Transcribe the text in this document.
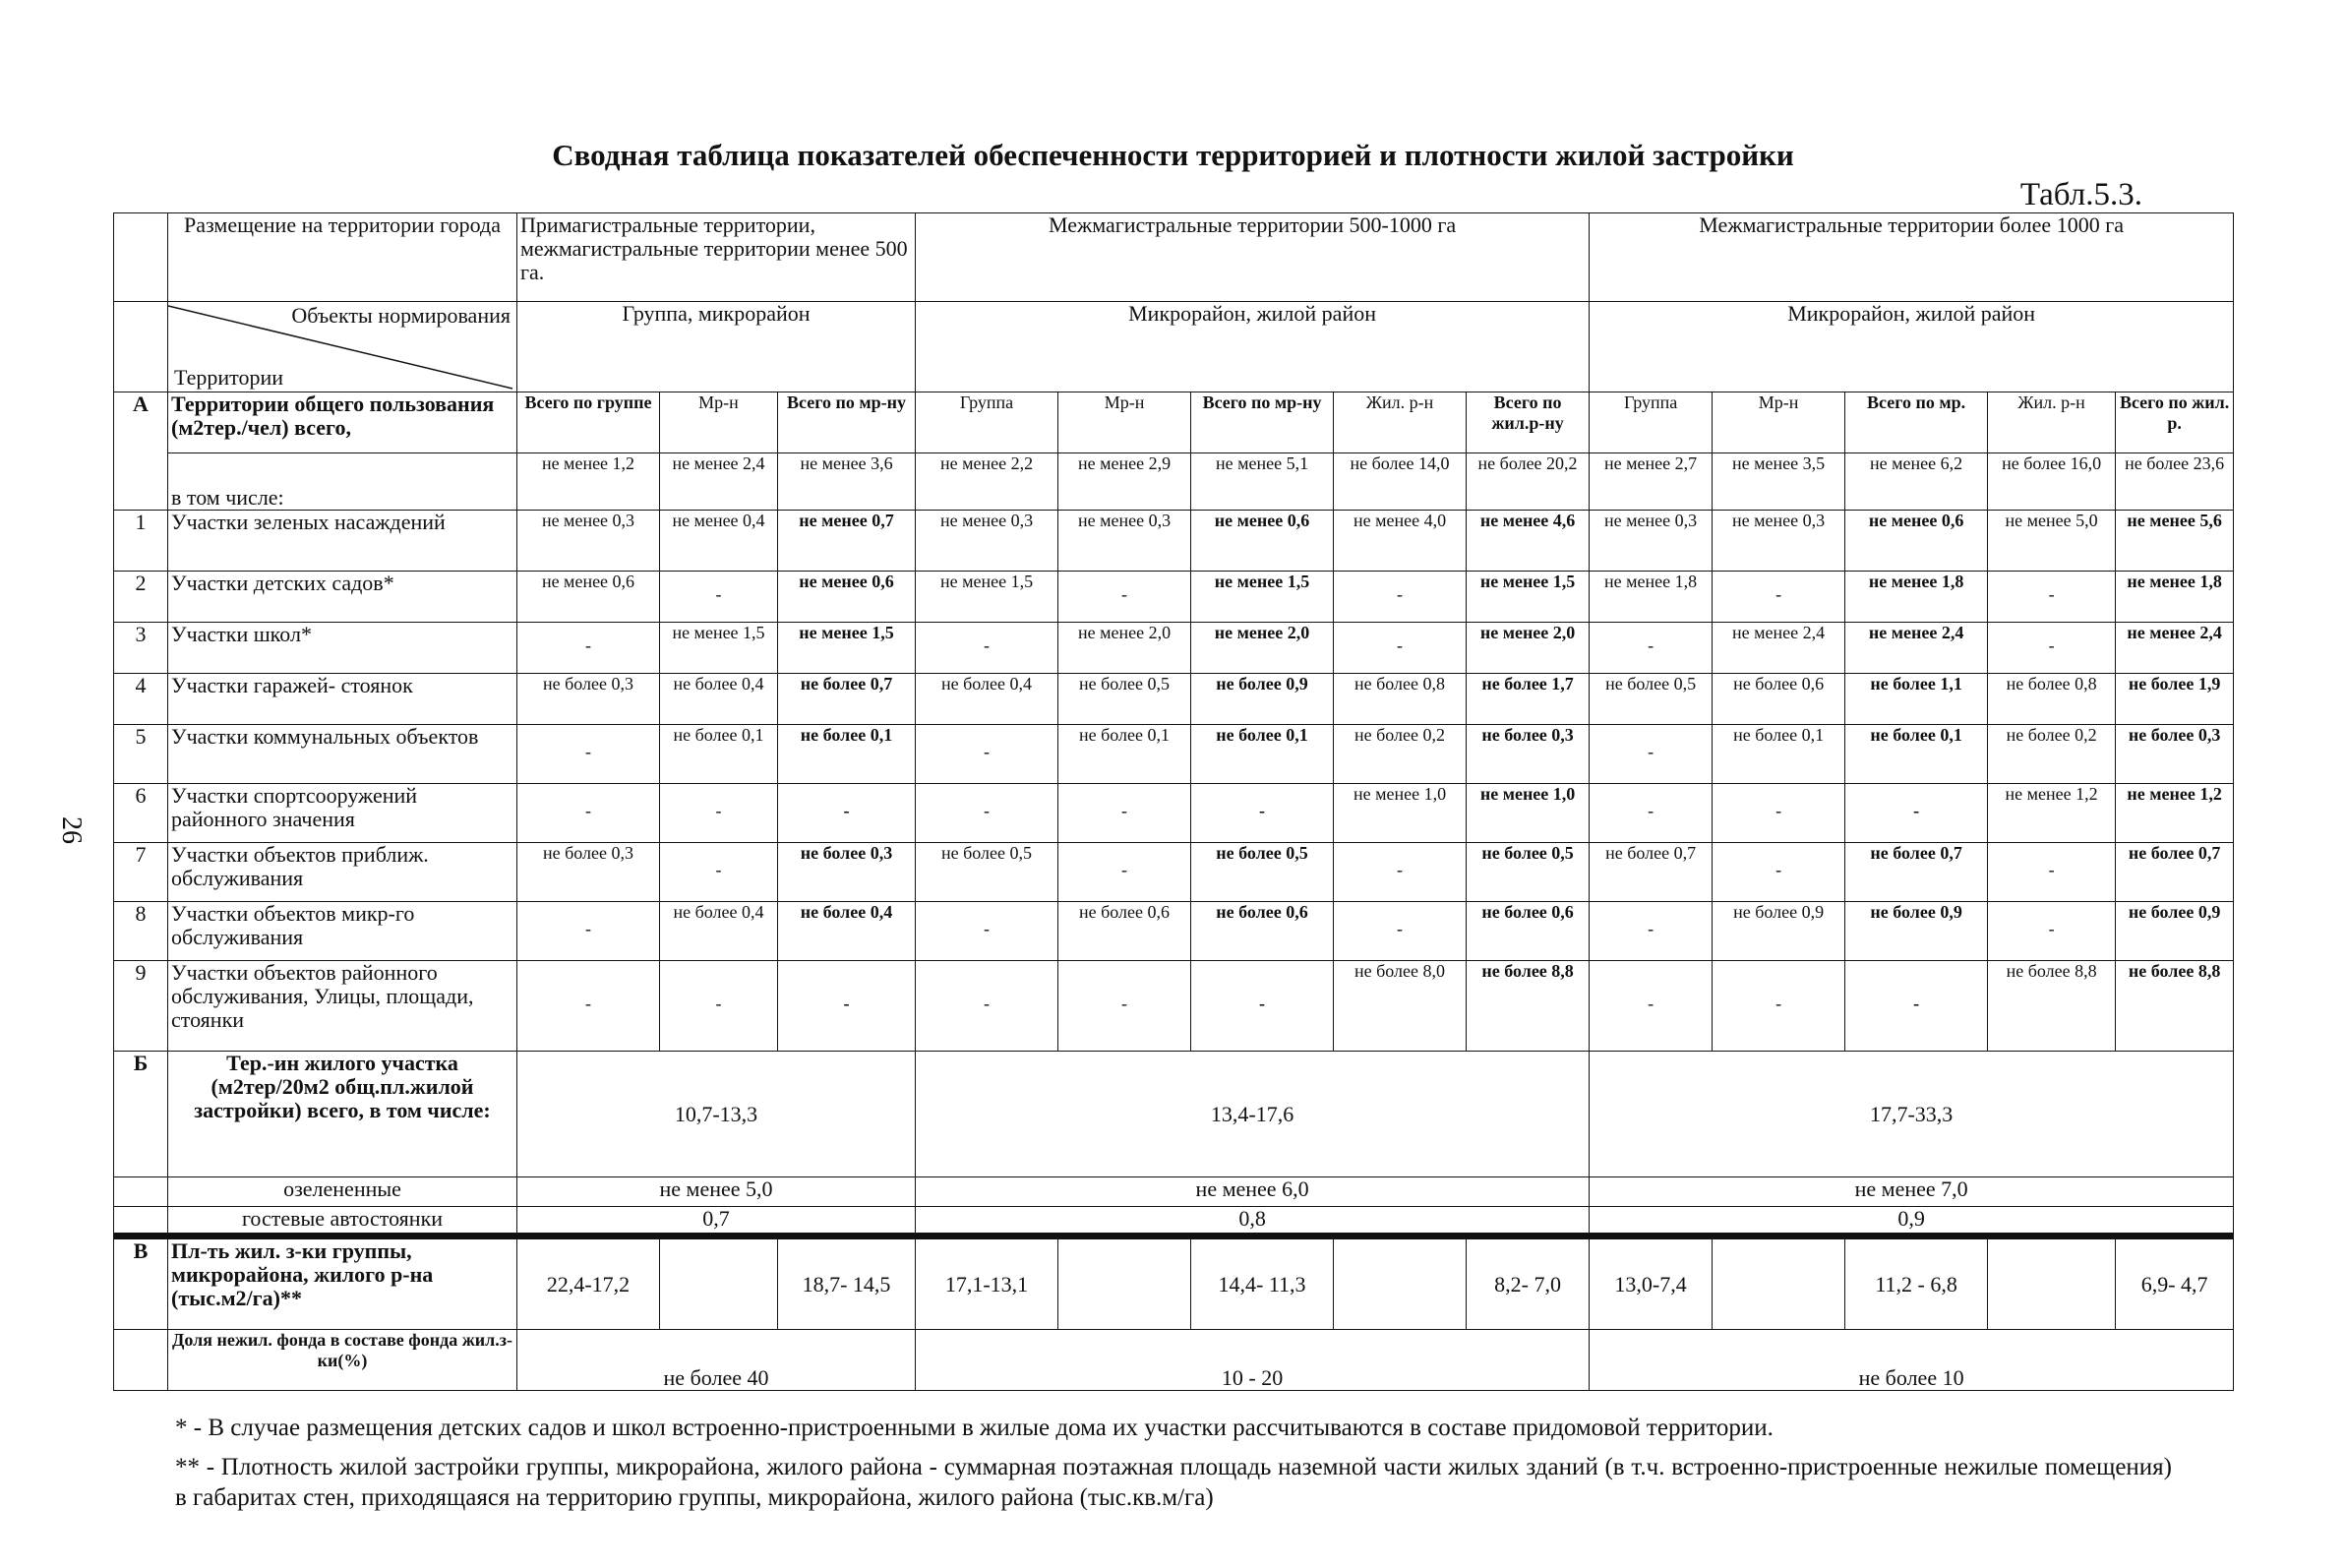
Сводная таблица показателей обеспеченности территорией и плотности жилой застройки
Табл.5.3.
26
	Размещение на территории города	Примагистральные территории, межмагистральные территории менее 500 га.			Межмагистральные территории 500-1000 га					Межмагистральные территории более 1000 га				

	Объекты нормирования
Территории	Группа, микрорайон			Микрорайон, жилой район					Микрорайон, жилой район				
А	Территории общего пользования (м2тер./чел) всего,	Всего по группе	Мр-н	Всего по мр-ну	Группа	Мр-н	Всего по мр-ну	Жил. р-н	Всего по жил.р-ну	Группа	Мр-н	Всего по мр.	Жил. р-н	Всего по жил. р.
	в том числе:	не менее 1,2	не менее 2,4	не менее 3,6	не менее 2,2	не менее 2,9	не менее 5,1	не более 14,0	не более 20,2	не менее 2,7	не менее 3,5	не менее 6,2	не более 16,0	не более 23,6
1	Участки зеленых насаждений	не менее 0,3	не менее 0,4	не менее 0,7	не менее 0,3	не менее 0,3	не менее 0,6	не менее 4,0	не менее 4,6	не менее 0,3	не менее 0,3	не менее 0,6	не менее 5,0	не менее 5,6
2	Участки детских садов*	не менее 0,6	-	не менее 0,6	не менее 1,5	-	не менее 1,5	-	не менее 1,5	не менее 1,8	-	не менее 1,8	-	не менее 1,8
3	Участки школ*	-	не менее 1,5	не менее 1,5	-	не менее 2,0	не менее 2,0	-	не менее 2,0	-	не менее 2,4	не менее 2,4	-	не менее 2,4
4	Участки гаражей- стоянок	не более 0,3	не более 0,4	не более 0,7	не более 0,4	не более 0,5	не более 0,9	не более 0,8	не более 1,7	не более 0,5	не более 0,6	не более 1,1	не более 0,8	не более 1,9
5	Участки коммунальных объектов	-	не более 0,1	не более 0,1	-	не более 0,1	не более 0,1	не более 0,2	не более 0,3	-	не более 0,1	не более 0,1	не более 0,2	не более 0,3
6	Участки спортсооружений районного значения	-	-	-	-	-	-	не менее 1,0	не менее 1,0	-	-	-	не менее 1,2	не менее 1,2
7	Участки объектов приближ. обслуживания	не более 0,3	-	не более 0,3	не более 0,5	-	не более 0,5	-	не более 0,5	не более 0,7	-	не более 0,7	-	не более 0,7
8	Участки объектов микр-го обслуживания	-	не более 0,4	не более 0,4	-	не более 0,6	не более 0,6	-	не более 0,6	-	не более 0,9	не более 0,9	-	не более 0,9
9	Участки объектов районного обслуживания, Улицы, площади, стоянки	-	-	-	-	-	-	не более 8,0	не более 8,8	-	-	-	не более 8,8	не более 8,8
Б	Тер.-ин жилого участка (м2тер/20м2 общ.пл.жилой застройки) всего, в том числе:	10,7-13,3			13,4-17,6					17,7-33,3				
	озелененные	не менее 5,0			не менее 6,0					не менее 7,0				
	гостевые автостоянки	0,7			0,8					0,9				
В	Пл-ть жил. з-ки группы, микрорайона, жилого р-на (тыс.м2/га)**	22,4-17,2		18,7- 14,5	17,1-13,1		14,4- 11,3		8,2- 7,0	13,0-7,4		11,2 - 6,8		6,9- 4,7
	Доля нежил. фонда в составе фонда жил.з-ки(%)	не более 40			10 - 20					не более 10				
* - В случае размещения детских садов и школ встроенно-пристроенными в жилые дома их участки рассчитываются в составе придомовой территории.
** - Плотность жилой застройки группы, микрорайона, жилого района - суммарная поэтажная площадь наземной части жилых зданий (в т.ч. встроенно-пристроенные нежилые помещения) в габаритах стен, приходящаяся на территорию группы, микрорайона, жилого района (тыс.кв.м/га)
